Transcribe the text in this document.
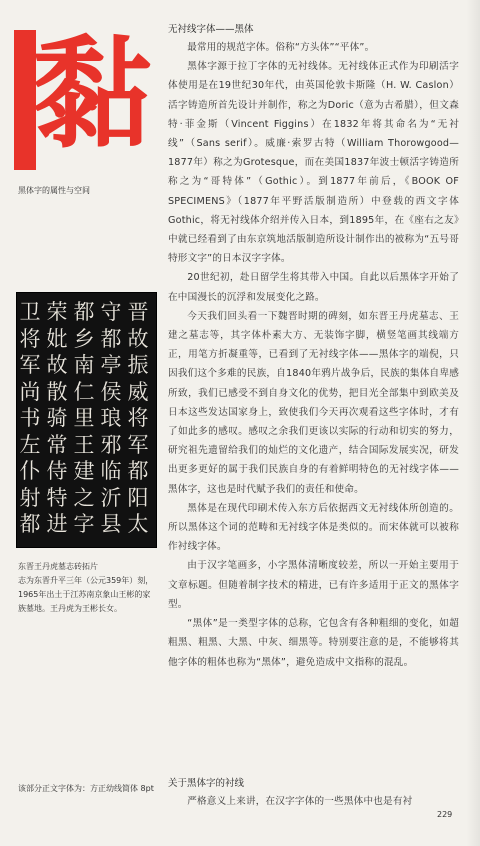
黏
黑体字的属性与空间
晋
故
振
威
将
军
都
阳
太
守
都
亭
侯
琅
邪
临
沂
县
都
乡
南
仁
里
王
建
之
字
荣
妣
故
散
骑
常
侍
特
进
卫
将
军
尚
书
左
仆
射
都
东晋王丹虎墓志砖拓片
志为东晋升平三年（公元359年）刻，1965年出土于江苏南京象山王彬的家族墓地。王丹虎为王彬长女。
该部分正文字体为：方正幼线简体 8pt

无衬线字体——黑体

最常用的规范字体。俗称“方头体”“平体”。

黑体字源于拉丁字体的无衬线体。无衬线体正式作为印刷活字体使用是在19世纪30年代，由英国伦敦卡斯隆（H. W. Caslon）活字铸造所首先设计并制作，称之为Doric（意为古希腊），但文森特·菲金斯（Vincent Figgins）在1832年将其命名为“无衬线”（Sans serif）。威廉·索罗古特（William Thorowgood—1877年）称之为Grotesque，而在美国1837年波士顿活字铸造所称之为“哥特体”（Gothic）。到1877年前后，《BOOK OF SPECIMENS》（1877年平野活版制造所）中登载的西文字体Gothic，将无衬线体介绍并传入日本，到1895年，在《座右之友》中就已经看到了由东京筑地活版制造所设计制作出的被称为“五号哥特形文字”的日本汉字字体。

20世纪初，赴日留学生将其带入中国。自此以后黑体字开始了在中国漫长的沉浮和发展变化之路。

今天我们回头看一下魏晋时期的碑刻，如东晋王丹虎墓志、王建之墓志等，其字体朴素大方、无装饰字脚，横竖笔画其线端方正，用笔方折凝重等，已看到了无衬线字体——黑体字的端倪，只因我们这个多难的民族，自1840年鸦片战争后，民族的集体自卑感所致，我们已感受不到自身文化的优势，把目光全部集中到欧美及日本这些发达国家身上，致使我们今天再次观看这些字体时，才有了如此多的感叹。感叹之余我们更该以实际的行动和切实的努力，研究祖先遗留给我们的灿烂的文化遗产，结合国际发展实况，研发出更多更好的属于我们民族自身的有着鲜明特色的无衬线字体——黑体字，这也是时代赋予我们的责任和使命。

黑体是在现代印刷术传入东方后依据西文无衬线体所创造的。所以黑体这个词的范畴和无衬线字体是类似的。而宋体就可以被称作衬线字体。

由于汉字笔画多，小字黑体清晰度较差，所以一开始主要用于文章标题。但随着制字技术的精进，已有许多适用于正文的黑体字型。

“黑体”是一类型字体的总称，它包含有各种粗细的变化，如超粗黑、粗黑、大黑、中灰、细黑等。特别要注意的是，不能够将其他字体的粗体也称为“黑体”，避免造成中文指称的混乱。

关于黑体字的衬线

严格意义上来讲，在汉字字体的一些黑体中也是有衬

229
